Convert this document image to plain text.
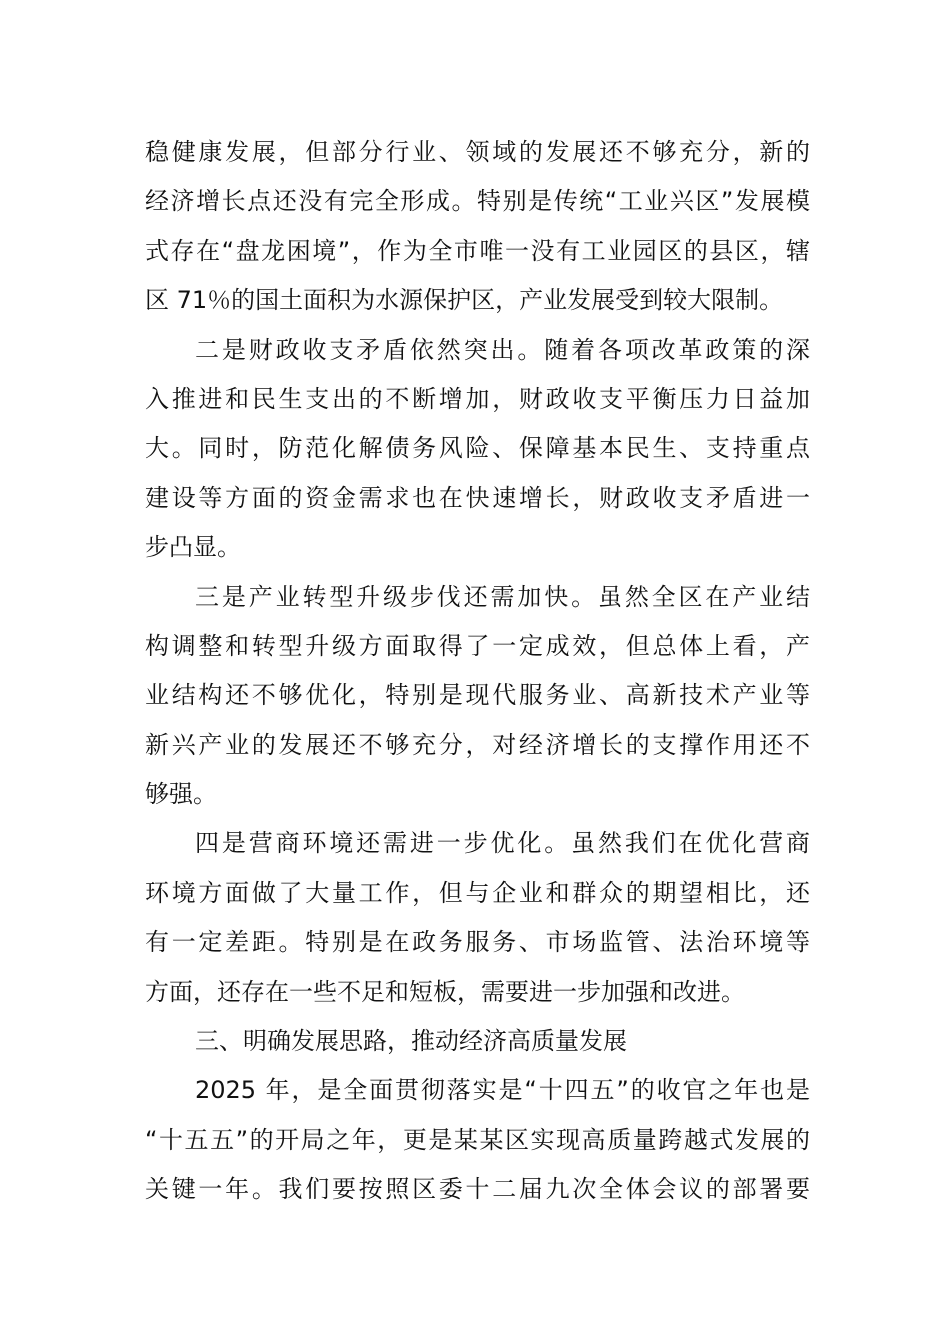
稳健康发展，但部分行业、领域的发展还不够充分，新的
经济增长点还没有完全形成。特别是传统“工业兴区”发展模
式存在“盘龙困境”，作为全市唯一没有工业园区的县区，辖
区 71％的国土面积为水源保护区，产业发展受到较大限制。
二是财政收支矛盾依然突出。随着各项改革政策的深
入推进和民生支出的不断增加，财政收支平衡压力日益加
大。同时，防范化解债务风险、保障基本民生、支持重点
建设等方面的资金需求也在快速增长，财政收支矛盾进一
步凸显。
三是产业转型升级步伐还需加快。虽然全区在产业结
构调整和转型升级方面取得了一定成效，但总体上看，产
业结构还不够优化，特别是现代服务业、高新技术产业等
新兴产业的发展还不够充分，对经济增长的支撑作用还不
够强。
四是营商环境还需进一步优化。虽然我们在优化营商
环境方面做了大量工作，但与企业和群众的期望相比，还
有一定差距。特别是在政务服务、市场监管、法治环境等
方面，还存在一些不足和短板，需要进一步加强和改进。
三、明确发展思路，推动经济高质量发展
2025 年，是全面贯彻落实是“十四五”的收官之年也是
“十五五”的开局之年，更是某某区实现高质量跨越式发展的
关键一年。我们要按照区委十二届九次全体会议的部署要
